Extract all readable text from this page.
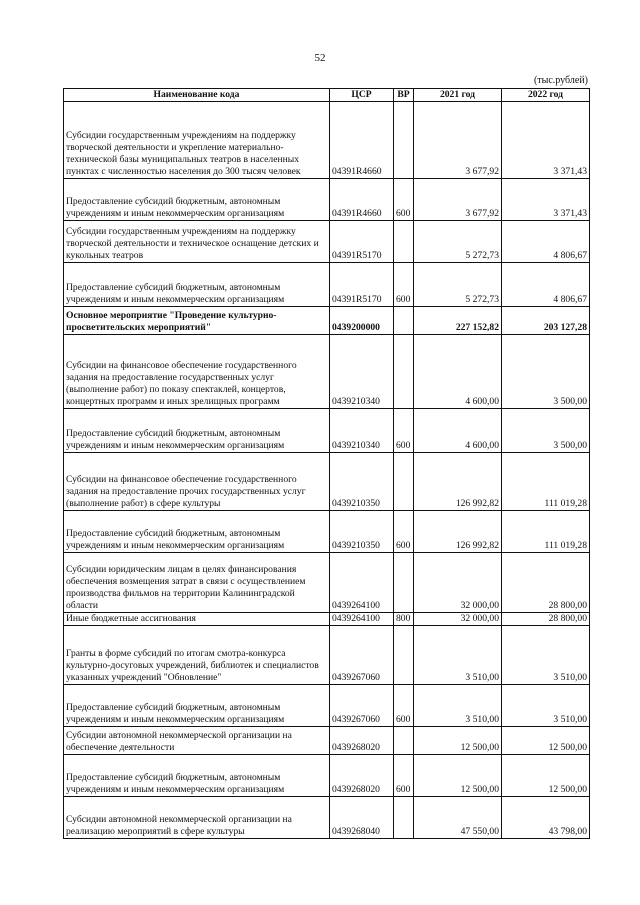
52
(тыс.рублей)
Наименование кода	ЦСР	ВР	2021 год	2022 год
Субсидии государственным учреждениям на поддержку творческой деятельности и укрепление материально-технической базы муниципальных театров в населенных пунктах с численностью населения до 300 тысяч человек	04391R4660		3 677,92	3 371,43
Предоставление субсидий бюджетным, автономным учреждениям и иным некоммерческим организациям	04391R4660	600	3 677,92	3 371,43
Субсидии государственным учреждениям на поддержку творческой деятельности и техническое оснащение детских и кукольных театров	04391R5170		5 272,73	4 806,67
Предоставление субсидий бюджетным, автономным учреждениям и иным некоммерческим организациям	04391R5170	600	5 272,73	4 806,67
Основное мероприятие "Проведение культурно-просветительских мероприятий"	0439200000		227 152,82	203 127,28
Субсидии на финансовое обеспечение государственного задания на предоставление государственных услуг (выполнение работ) по показу спектаклей, концертов, концертных программ и иных зрелищных программ	0439210340		4 600,00	3 500,00
Предоставление субсидий бюджетным, автономным учреждениям и иным некоммерческим организациям	0439210340	600	4 600,00	3 500,00
Субсидии на финансовое обеспечение государственного задания на предоставление прочих государственных услуг (выполнение работ) в сфере культуры	0439210350		126 992,82	111 019,28
Предоставление субсидий бюджетным, автономным учреждениям и иным некоммерческим организациям	0439210350	600	126 992,82	111 019,28
Субсидии юридическим лицам в целях финансирования обеспечения возмещения затрат в связи с осуществлением производства фильмов на территории Калининградской области	0439264100		32 000,00	28 800,00
Иные бюджетные ассигнования	0439264100	800	32 000,00	28 800,00
Гранты в форме субсидий по итогам смотра-конкурса культурно-досуговых учреждений, библиотек и специалистов указанных учреждений "Обновление"	0439267060		3 510,00	3 510,00
Предоставление субсидий бюджетным, автономным учреждениям и иным некоммерческим организациям	0439267060	600	3 510,00	3 510,00
Субсидии автономной некоммерческой организации на обеспечение деятельности	0439268020		12 500,00	12 500,00
Предоставление субсидий бюджетным, автономным учреждениям и иным некоммерческим организациям	0439268020	600	12 500,00	12 500,00
Субсидии автономной некоммерческой организации на реализацию мероприятий в сфере культуры	0439268040		47 550,00	43 798,00
